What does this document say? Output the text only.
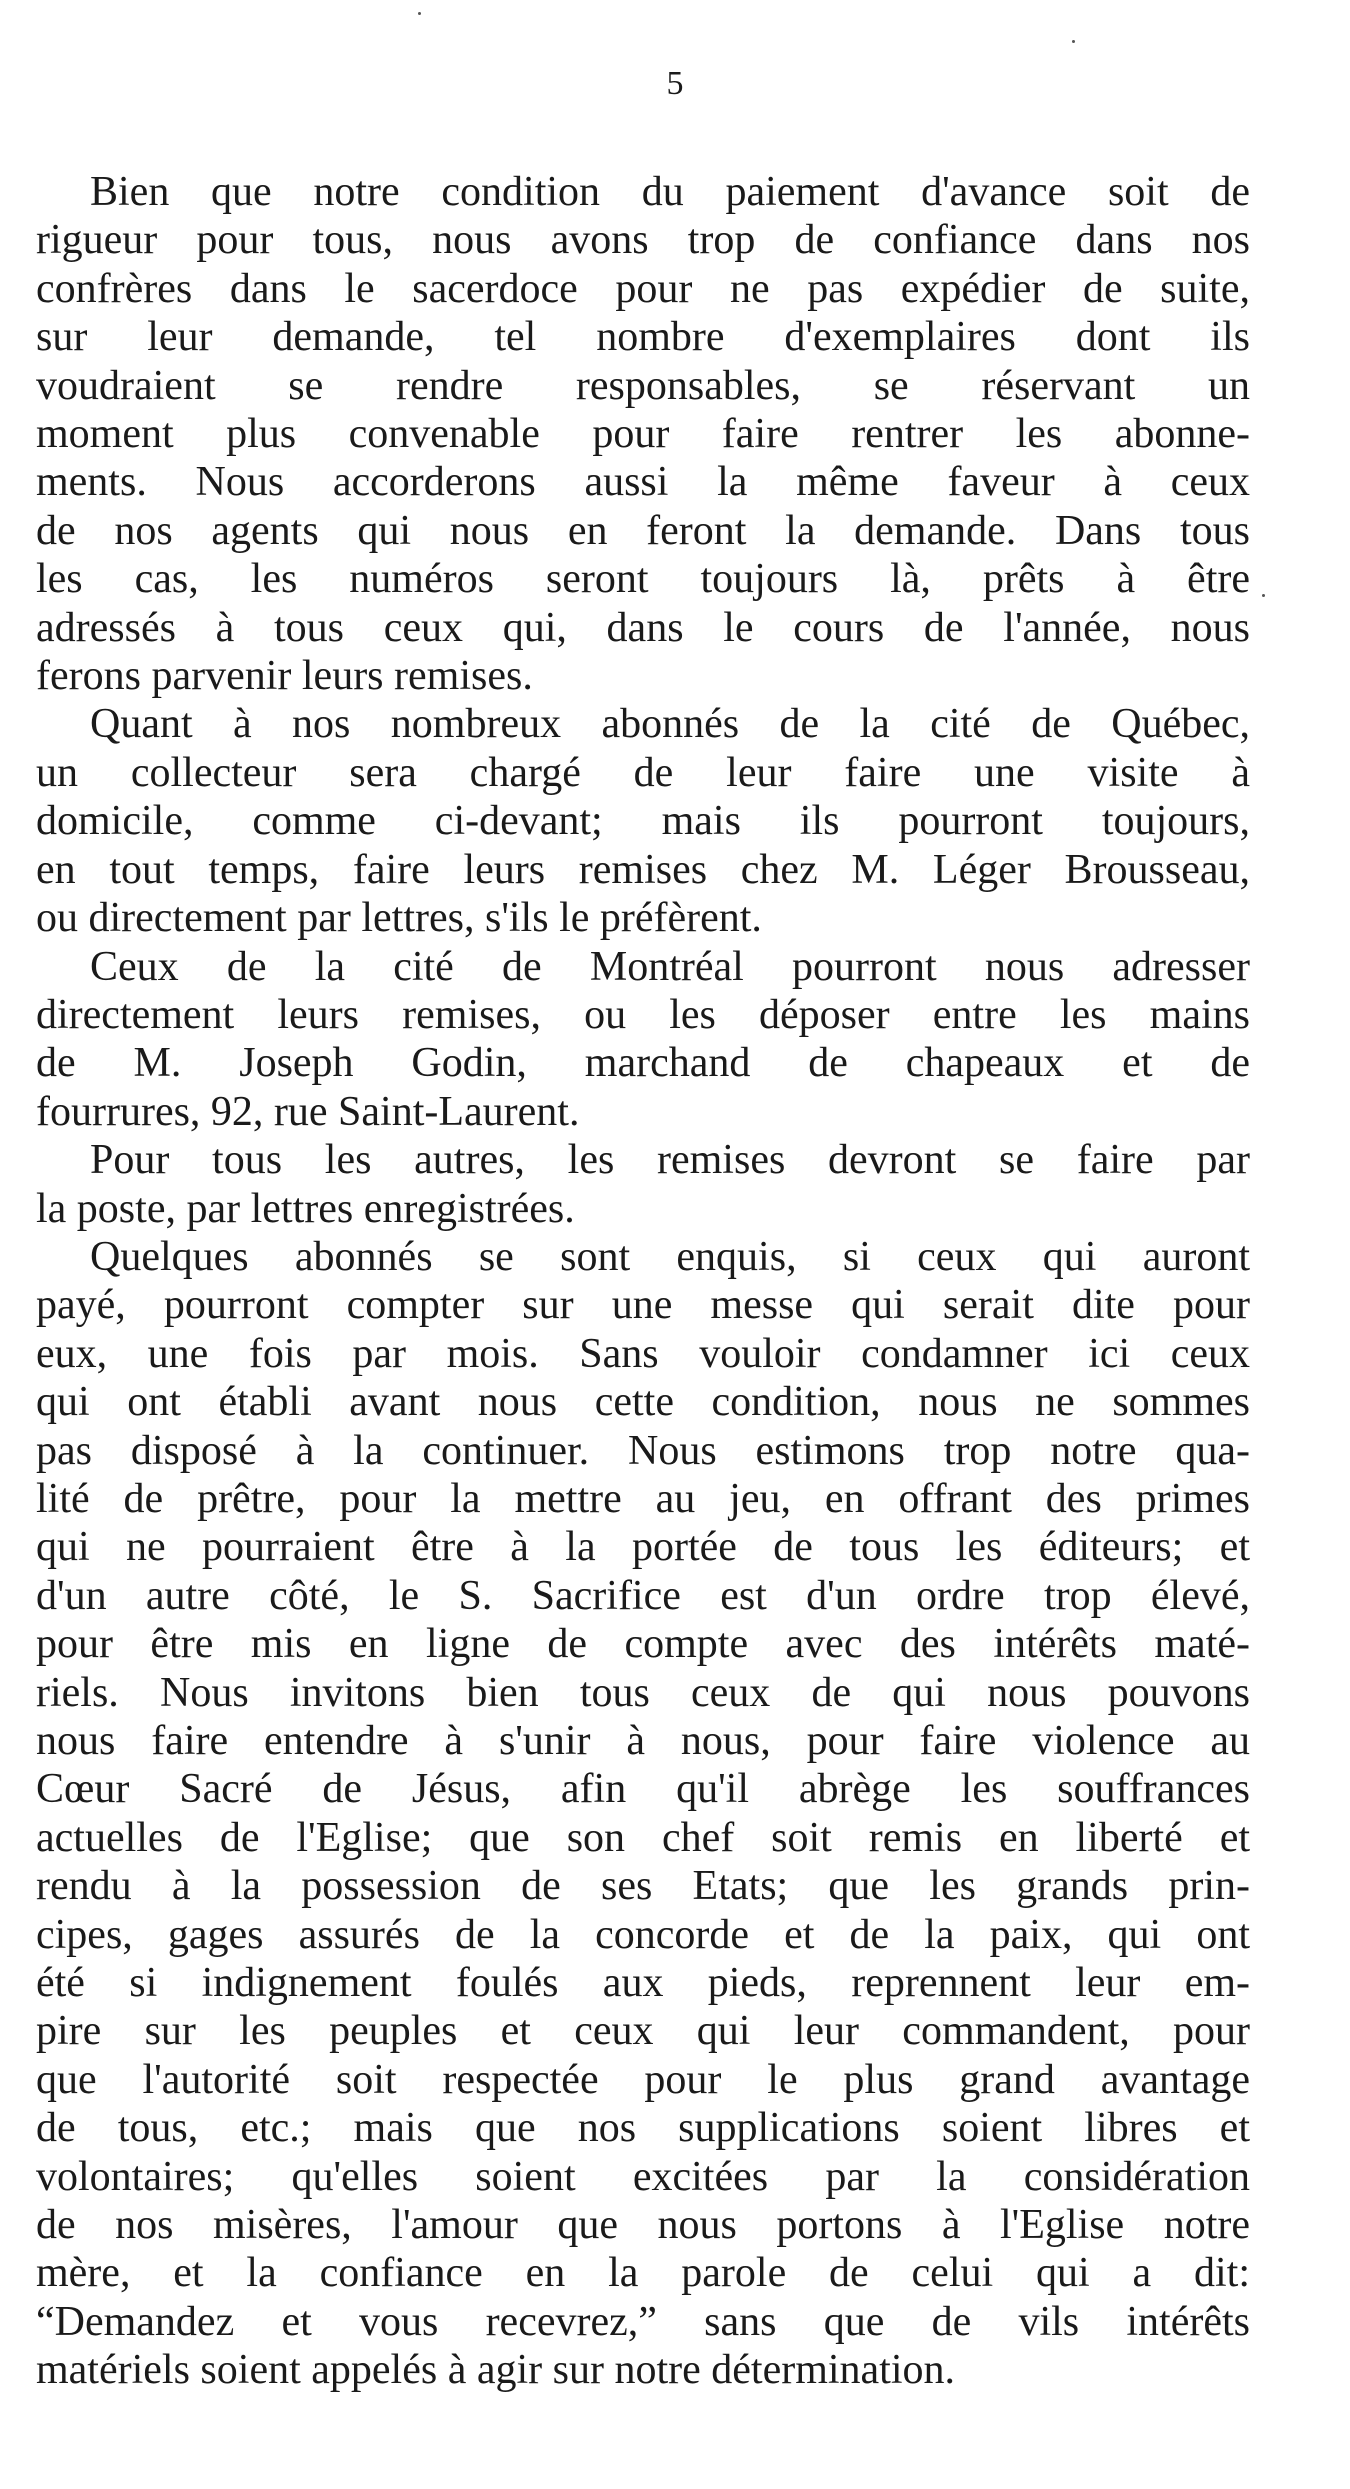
5
Bien que notre condition du paiement d'avance soit de
rigueur pour tous, nous avons trop de confiance dans nos
confrères dans le sacerdoce pour ne pas expédier de suite,
sur leur demande, tel nombre d'exemplaires dont ils
voudraient se rendre responsables, se réservant un
moment plus convenable pour faire rentrer les abonne-
ments. Nous accorderons aussi la même faveur à ceux
de nos agents qui nous en feront la demande. Dans tous
les cas, les numéros seront toujours là, prêts à être
adressés à tous ceux qui, dans le cours de l'année, nous
ferons parvenir leurs remises.
Quant à nos nombreux abonnés de la cité de Québec,
un collecteur sera chargé de leur faire une visite à
domicile, comme ci-devant; mais ils pourront toujours,
en tout temps, faire leurs remises chez M. Léger Brousseau,
ou directement par lettres, s'ils le préfèrent.
Ceux de la cité de Montréal pourront nous adresser
directement leurs remises, ou les déposer entre les mains
de M. Joseph Godin, marchand de chapeaux et de
fourrures, 92, rue Saint-Laurent.
Pour tous les autres, les remises devront se faire par
la poste, par lettres enregistrées.
Quelques abonnés se sont enquis, si ceux qui auront
payé, pourront compter sur une messe qui serait dite pour
eux, une fois par mois. Sans vouloir condamner ici ceux
qui ont établi avant nous cette condition, nous ne sommes
pas disposé à la continuer. Nous estimons trop notre qua-
lité de prêtre, pour la mettre au jeu, en offrant des primes
qui ne pourraient être à la portée de tous les éditeurs; et
d'un autre côté, le S. Sacrifice est d'un ordre trop élevé,
pour être mis en ligne de compte avec des intérêts maté-
riels. Nous invitons bien tous ceux de qui nous pouvons
nous faire entendre à s'unir à nous, pour faire violence au
Cœur Sacré de Jésus, afin qu'il abrège les souffrances
actuelles de l'Eglise; que son chef soit remis en liberté et
rendu à la possession de ses Etats; que les grands prin-
cipes, gages assurés de la concorde et de la paix, qui ont
été si indignement foulés aux pieds, reprennent leur em-
pire sur les peuples et ceux qui leur commandent, pour
que l'autorité soit respectée pour le plus grand avantage
de tous, etc.; mais que nos supplications soient libres et
volontaires; qu'elles soient excitées par la considération
de nos misères, l'amour que nous portons à l'Eglise notre
mère, et la confiance en la parole de celui qui a dit:
“Demandez et vous recevrez,” sans que de vils intérêts
matériels soient appelés à agir sur notre détermination.
